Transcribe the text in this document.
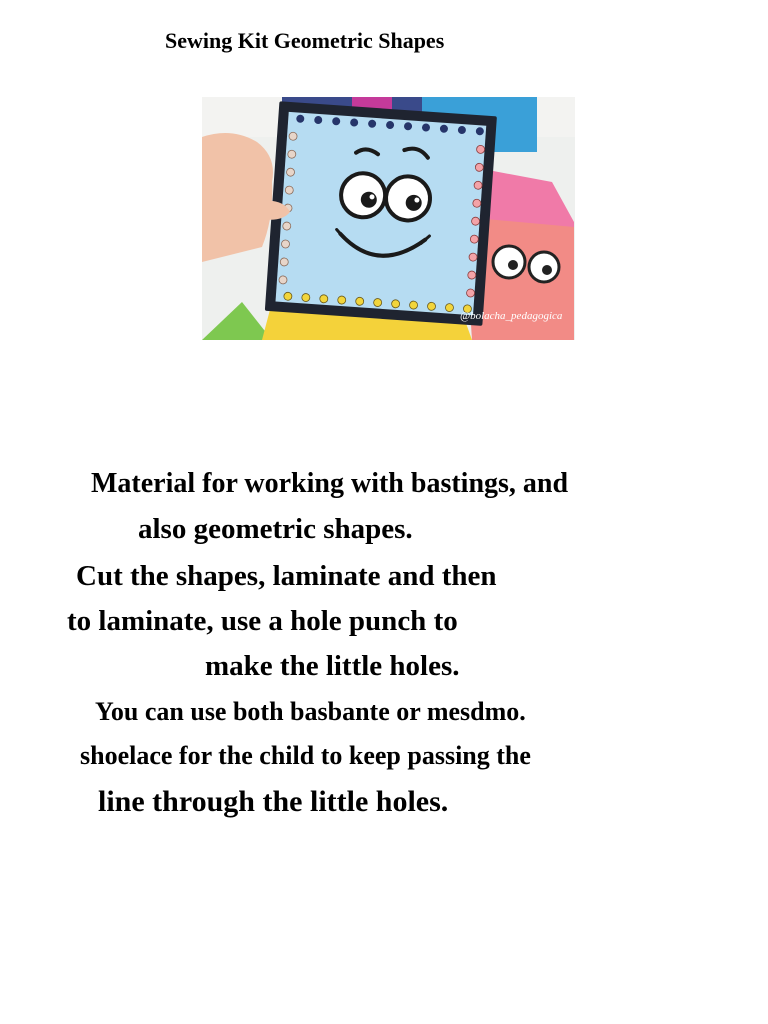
Sewing Kit Geometric Shapes
@bolacha_pedagogica
Material for working with bastings, and
also geometric shapes.
Cut the shapes, laminate and then
to laminate, use a hole punch to
make the little holes.
You can use both basbante or mesdmo.
shoelace for the child to keep passing the
line through the little holes.
